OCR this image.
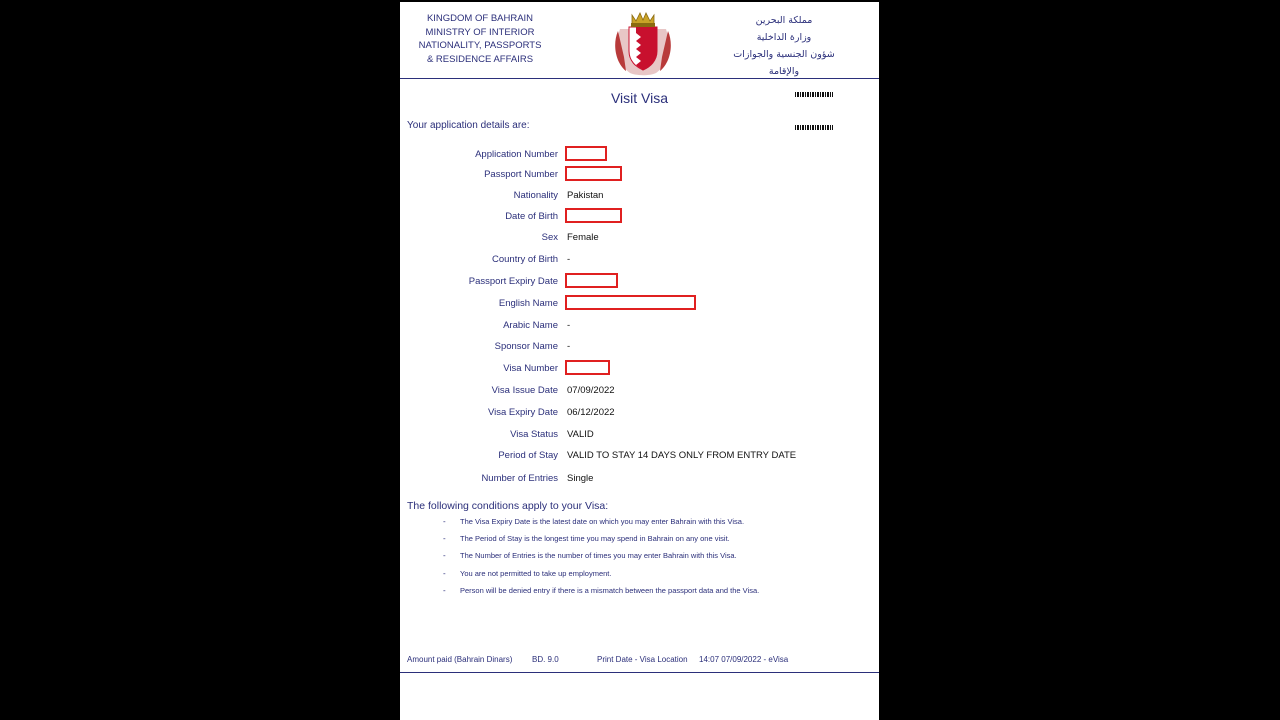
KINGDOM OF BAHRAIN
MINISTRY OF INTERIOR
NATIONALITY, PASSPORTS
& RESIDENCE AFFAIRS
مملكة البحرين
وزارة الداخلية
شؤون الجنسية والجوازات والإقامة
Visit Visa
Your application details are:
Application Number
Passport Number
Nationality Pakistan
Date of Birth
Sex Female
Country of Birth -
Passport Expiry Date
English Name
Arabic Name -
Sponsor Name -
Visa Number
Visa Issue Date 07/09/2022
Visa Expiry Date 06/12/2022
Visa Status VALID
Period of Stay VALID TO STAY 14 DAYS ONLY FROM ENTRY DATE
Number of Entries Single
The following conditions apply to your Visa:
- The Visa Expiry Date is the latest date on which you may enter Bahrain with this Visa.
- The Period of Stay is the longest time you may spend in Bahrain on any one visit.
- The Number of Entries is the number of times you may enter Bahrain with this Visa.
- You are not permitted to take up employment.
- Person will be denied entry if there is a mismatch between the passport data and the Visa.
Amount paid (Bahrain Dinars) BD. 9.0	Print Date - Visa Location 14:07 07/09/2022 - eVisa
